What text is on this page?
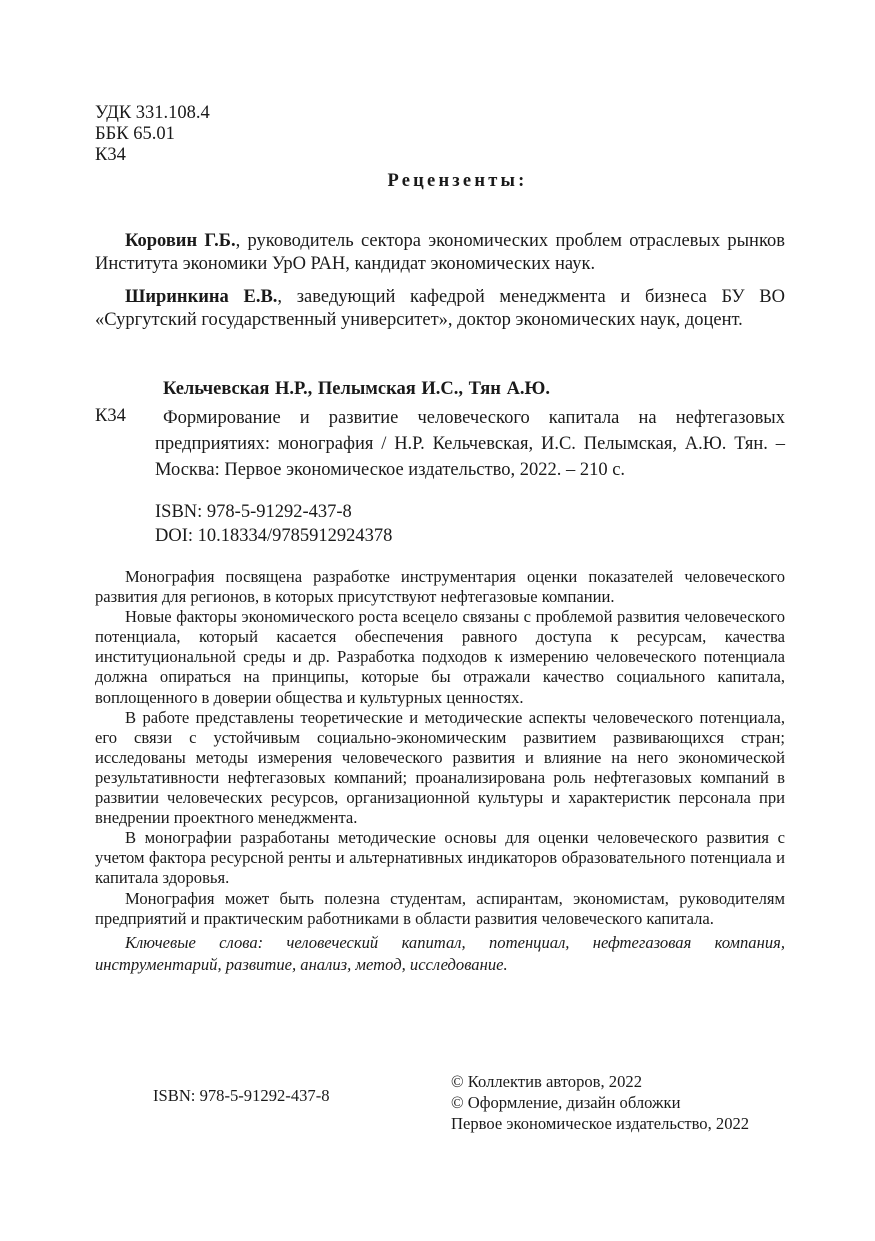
УДК 331.108.4
ББК 65.01
К34
Рецензенты:
Коровин Г.Б., руководитель сектора экономических проблем отраслевых рынков Института экономики УрО РАН, кандидат экономических наук.
Ширинкина Е.В., заведующий кафедрой менеджмента и бизнеса БУ ВО «Сургутский государственный университет», доктор экономических наук, доцент.
Кельчевская Н.Р., Пелымская И.С., Тян А.Ю.
К34	Формирование и развитие человеческого капитала на нефтегазовых предприятиях: монография / Н.Р. Кельчевская, И.С. Пелымская, А.Ю. Тян. – Москва: Первое экономическое издательство, 2022. – 210 с.
ISBN: 978-5-91292-437-8
DOI: 10.18334/9785912924378

Монография посвящена разработке инструментария оценки показателей человеческого развития для регионов, в которых присутствуют нефтегазовые компании.

Новые факторы экономического роста всецело связаны с проблемой развития человеческого потенциала, который касается обеспечения равного доступа к ресурсам, качества институциональной среды и др. Разработка подходов к измерению человеческого потенциала должна опираться на принципы, которые бы отражали качество социального капитала, воплощенного в доверии общества и культурных ценностях.

В работе представлены теоретические и методические аспекты человеческого потенциала, его связи с устойчивым социально-экономическим развитием развивающихся стран; исследованы методы измерения человеческого развития и влияние на него экономической результативности нефтегазовых компаний; проанализирована роль нефтегазовых компаний в развитии человеческих ресурсов, организационной культуры и характеристик персонала при внедрении проектного менеджмента.

В монографии разработаны методические основы для оценки человеческого развития с учетом фактора ресурсной ренты и альтернативных индикаторов образовательного потенциала и капитала здоровья.

Монография может быть полезна студентам, аспирантам, экономистам, руководителям предприятий и практическим работниками в области развития человеческого капитала.

Ключевые слова: человеческий капитал, потенциал, нефтегазовая компания, инструментарий, развитие, анализ, метод, исследование.

ISBN: 978-5-91292-437-8
© Коллектив авторов, 2022
© Оформление, дизайн обложки
Первое экономическое издательство, 2022
